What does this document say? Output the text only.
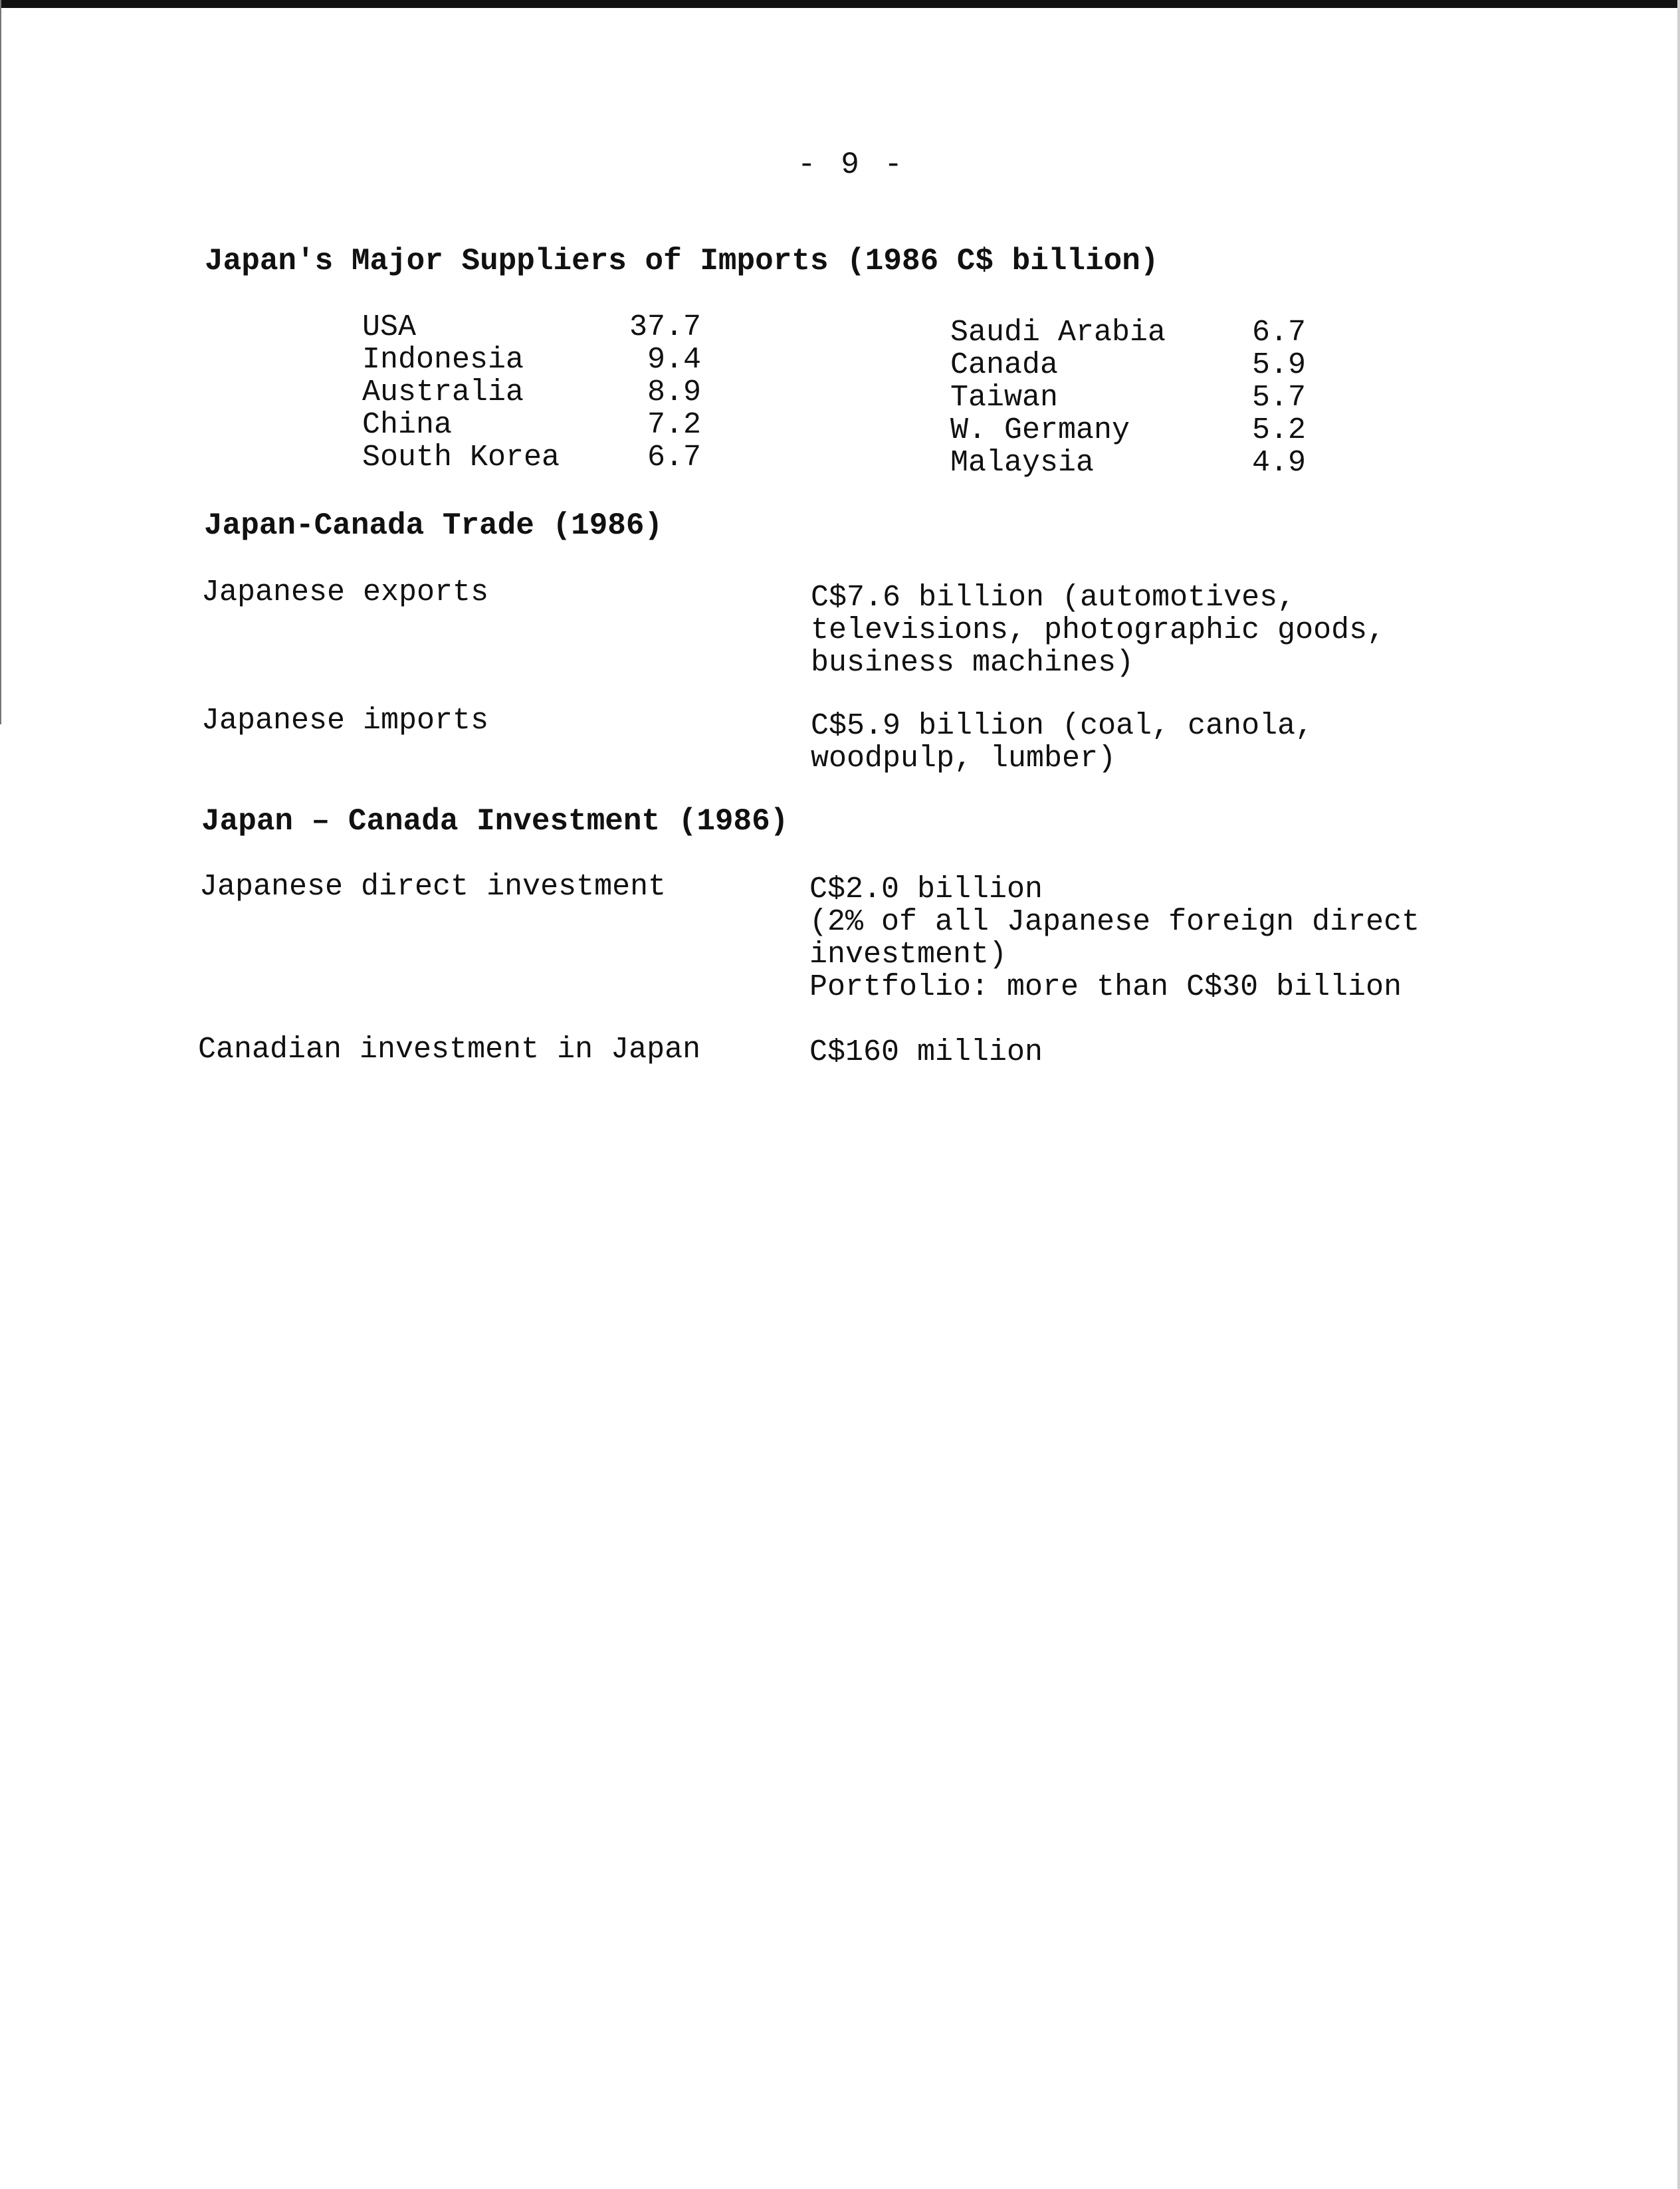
- 9 -
Japan's Major Suppliers of Imports (1986 C$ billion)
USA	37.7
Indonesia	9.4
Australia	8.9
China	7.2
South Korea	6.7
Saudi Arabia	6.7
Canada	5.9
Taiwan	5.7
W. Germany	5.2
Malaysia	4.9
Japan-Canada Trade (1986)
Japanese exports	C$7.6 billion (automotives,
televisions, photographic goods,
business machines)
Japanese imports	C$5.9 billion (coal, canola,
woodpulp, lumber)
Japan – Canada Investment (1986)
Japanese direct investment	C$2.0 billion
(2% of all Japanese foreign direct
investment)
Portfolio: more than C$30 billion
Canadian investment in Japan	C$160 million
